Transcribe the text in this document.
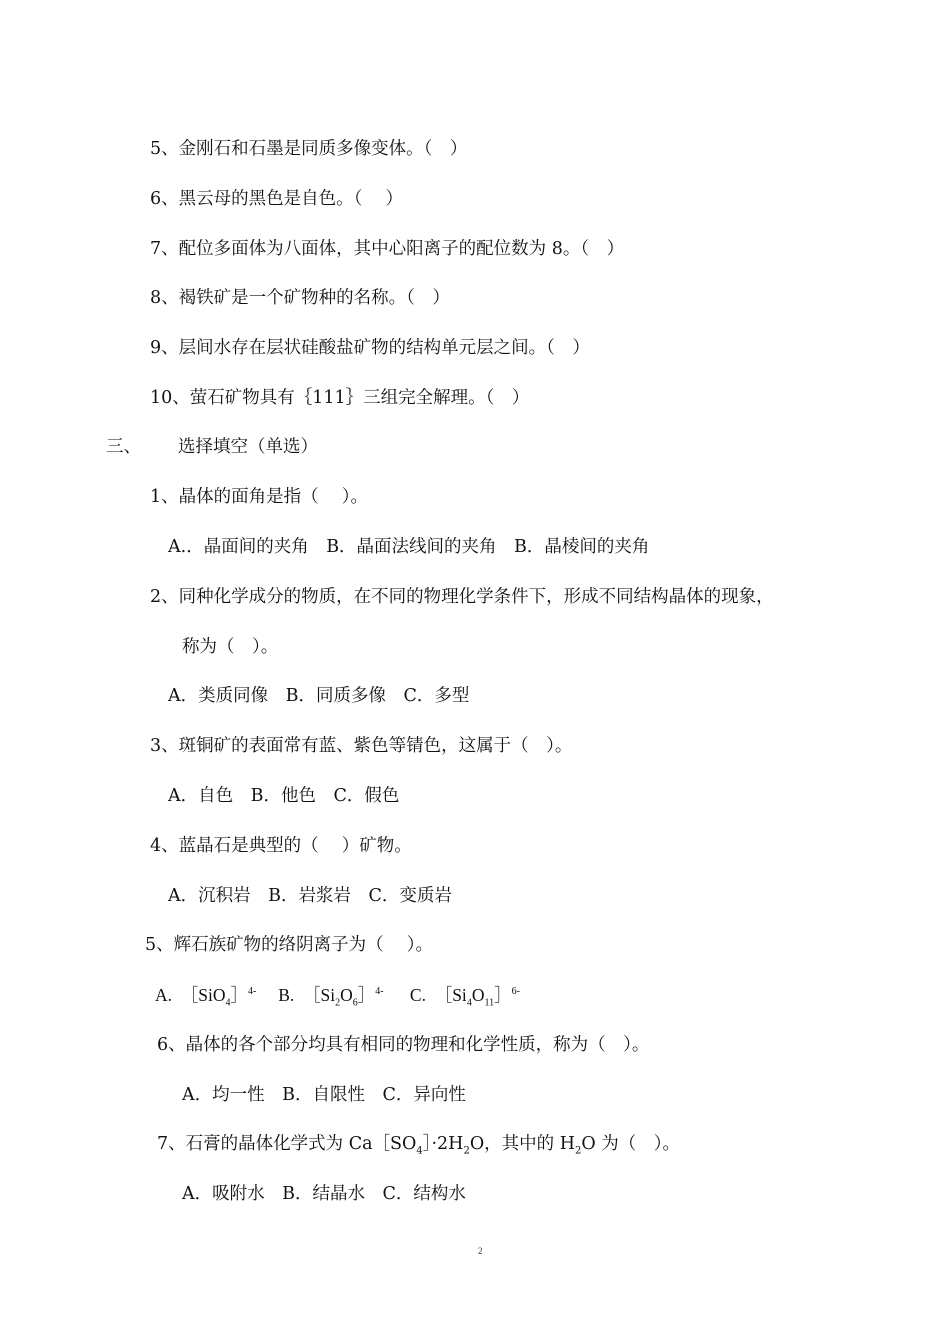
5、金刚石和石墨是同质多像变体。（　）
6、黑云母的黑色是自色。（　 ）
7、配位多面体为八面体，其中心阳离子的配位数为 8。（　）
8、褐铁矿是一个矿物种的名称。（　）
9、层间水存在层状硅酸盐矿物的结构单元层之间。（　）
10、萤石矿物具有｛111｝三组完全解理。（　）
三、 选择填空（单选）
1、晶体的面角是指（　 ）。
A.．晶面间的夹角　B．晶面法线间的夹角　B．晶棱间的夹角
2、同种化学成分的物质，在不同的物理化学条件下，形成不同结构晶体的现象，
称为（　）。
A．类质同像　B．同质多像　C．多型
3、斑铜矿的表面常有蓝、紫色等锖色，这属于（　）。
A．自色　B．他色　C．假色
4、蓝晶石是典型的（　 ）矿物。
A．沉积岩　B．岩浆岩　C．变质岩
5、辉石族矿物的络阴离子为（　 ）。
A.  ［SiO$_4$］$^{4-}$ B.  $[Si_2O_6]^{4-}$ C.  $[Si_4O_{11}]^{6-}$
6、晶体的各个部分均具有相同的物理和化学性质，称为（　）。
A．均一性　B．自限性　C．异向性
7、石膏的晶体化学式为 $Ca[SO_4]\cdot 2H_2O$，其中的 $H_2O$ 为（　）。
A．吸附水　B．结晶水　C．结构水
2
